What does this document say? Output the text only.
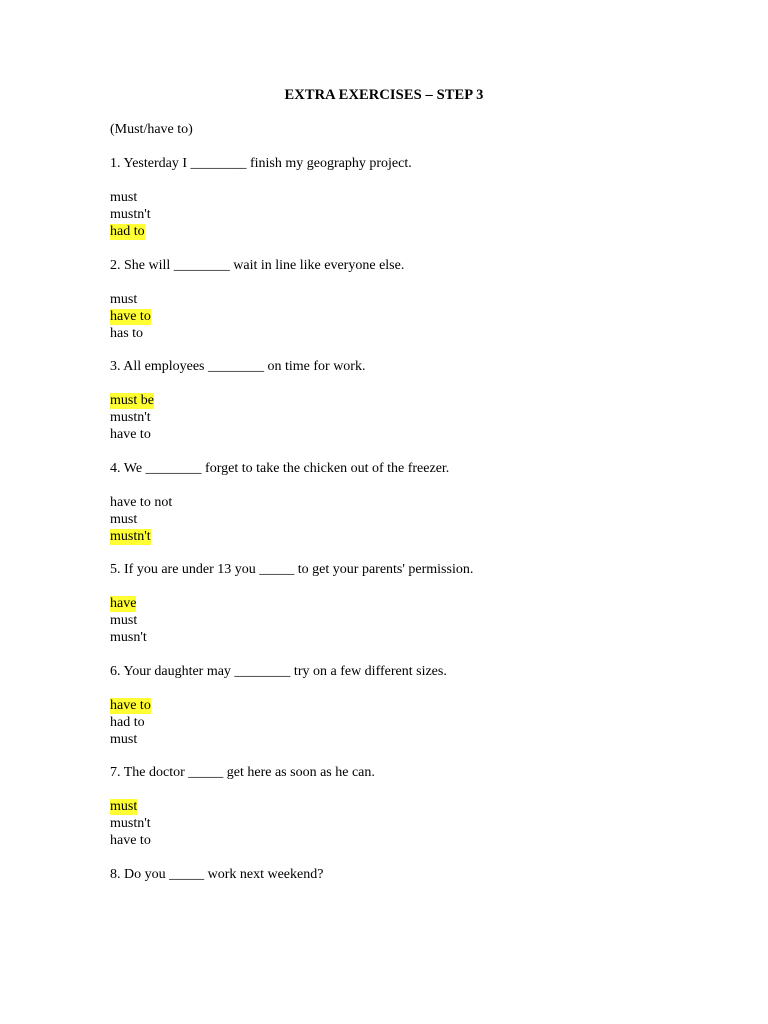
EXTRA EXERCISES – STEP 3
(Must/have to)
1. Yesterday I ________ finish my geography project.
must
mustn't
had to
2. She will ________ wait in line like everyone else.
must
have to
has to
3. All employees ________ on time for work.
must be
mustn't
have to
4. We ________ forget to take the chicken out of the freezer.
have to not
must
mustn't
5. If you are under 13 you _____ to get your parents' permission.
have
must
musn't
6. Your daughter may ________ try on a few different sizes.
have to
had to
must
7. The doctor _____ get here as soon as he can.
must
mustn't
have to
8. Do you _____ work next weekend?
